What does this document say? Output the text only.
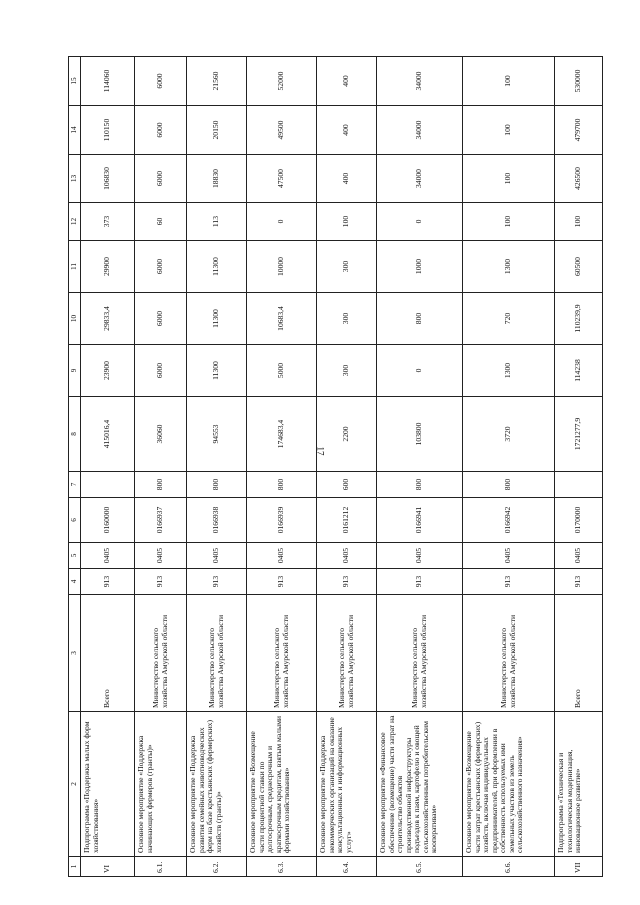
17
1	2	3	4	5	6	7	8	9	10	11	12	13	14	15
VI	Подпрограмма «Поддержка малых форм хозяйствования»	Всего	913	0405	0160000		415016,4	23900	29833,4	29900	373	106830	110150	114060
6.1.	Основное мероприятие «Поддержка начинающих фермеров (гранты)»	Министерство сельского хозяйства Амурской области	913	0405	0166937	800	36060	6000	6000	6000	60	6000	6000	6000
6.2.	Основное мероприятие «Поддержка развития семейных животноводческих ферм на базе крестьянских (фермерских) хозяйств (гранты)»	Министерство сельского хозяйства Амурской области	913	0405	0166938	800	94553	11300	11300	11300	113	18830	20150	21560
6.3.	Основное мероприятие «Возмещение части процентной ставки по долгосрочным, среднесрочным и краткосрочным кредитам, взятым малыми формами хозяйствования»	Министерство сельского хозяйства Амурской области	913	0405	0166939	800	174683,4	5000	10683,4	10000	0	47500	49500	52000
6.4.	Основное мероприятие «Поддержка некоммерческих организаций на оказание консультационных и информационных услуг»	Министерство сельского хозяйства Амурской области	913	0405	0161212	600	2200	300	300	300	100	400	400	400
6.5.	Основное мероприятие «Финансовое обеспечение (возмещение) части затрат на строительство объектов производственной инфраструктуры подъездов к паям, картофелю и овощей сельскохозяйственным потребительским кооперативам»	Министерство сельского хозяйства Амурской области	913	0405	0166941	800	103800	0	800	1000	0	34000	34000	34000
6.6.	Основное мероприятие «Возмещение части затрат крестьянских (фермерских) хозяйств, включая индивидуальных предпринимателей, при оформлении в собственность используемых ими земельных участков из земель сельскохозяйственного назначения»	Министерство сельского хозяйства Амурской области	913	0405	0166942	800	3720	1300	720	1300	100	100	100	100
VII	Подпрограмма «Техническая и технологическая модернизация, инновационное развитие»	Всего	913	0405	0170000		1721277,9	114238	110239,9	60500	100	426500	479700	530000
